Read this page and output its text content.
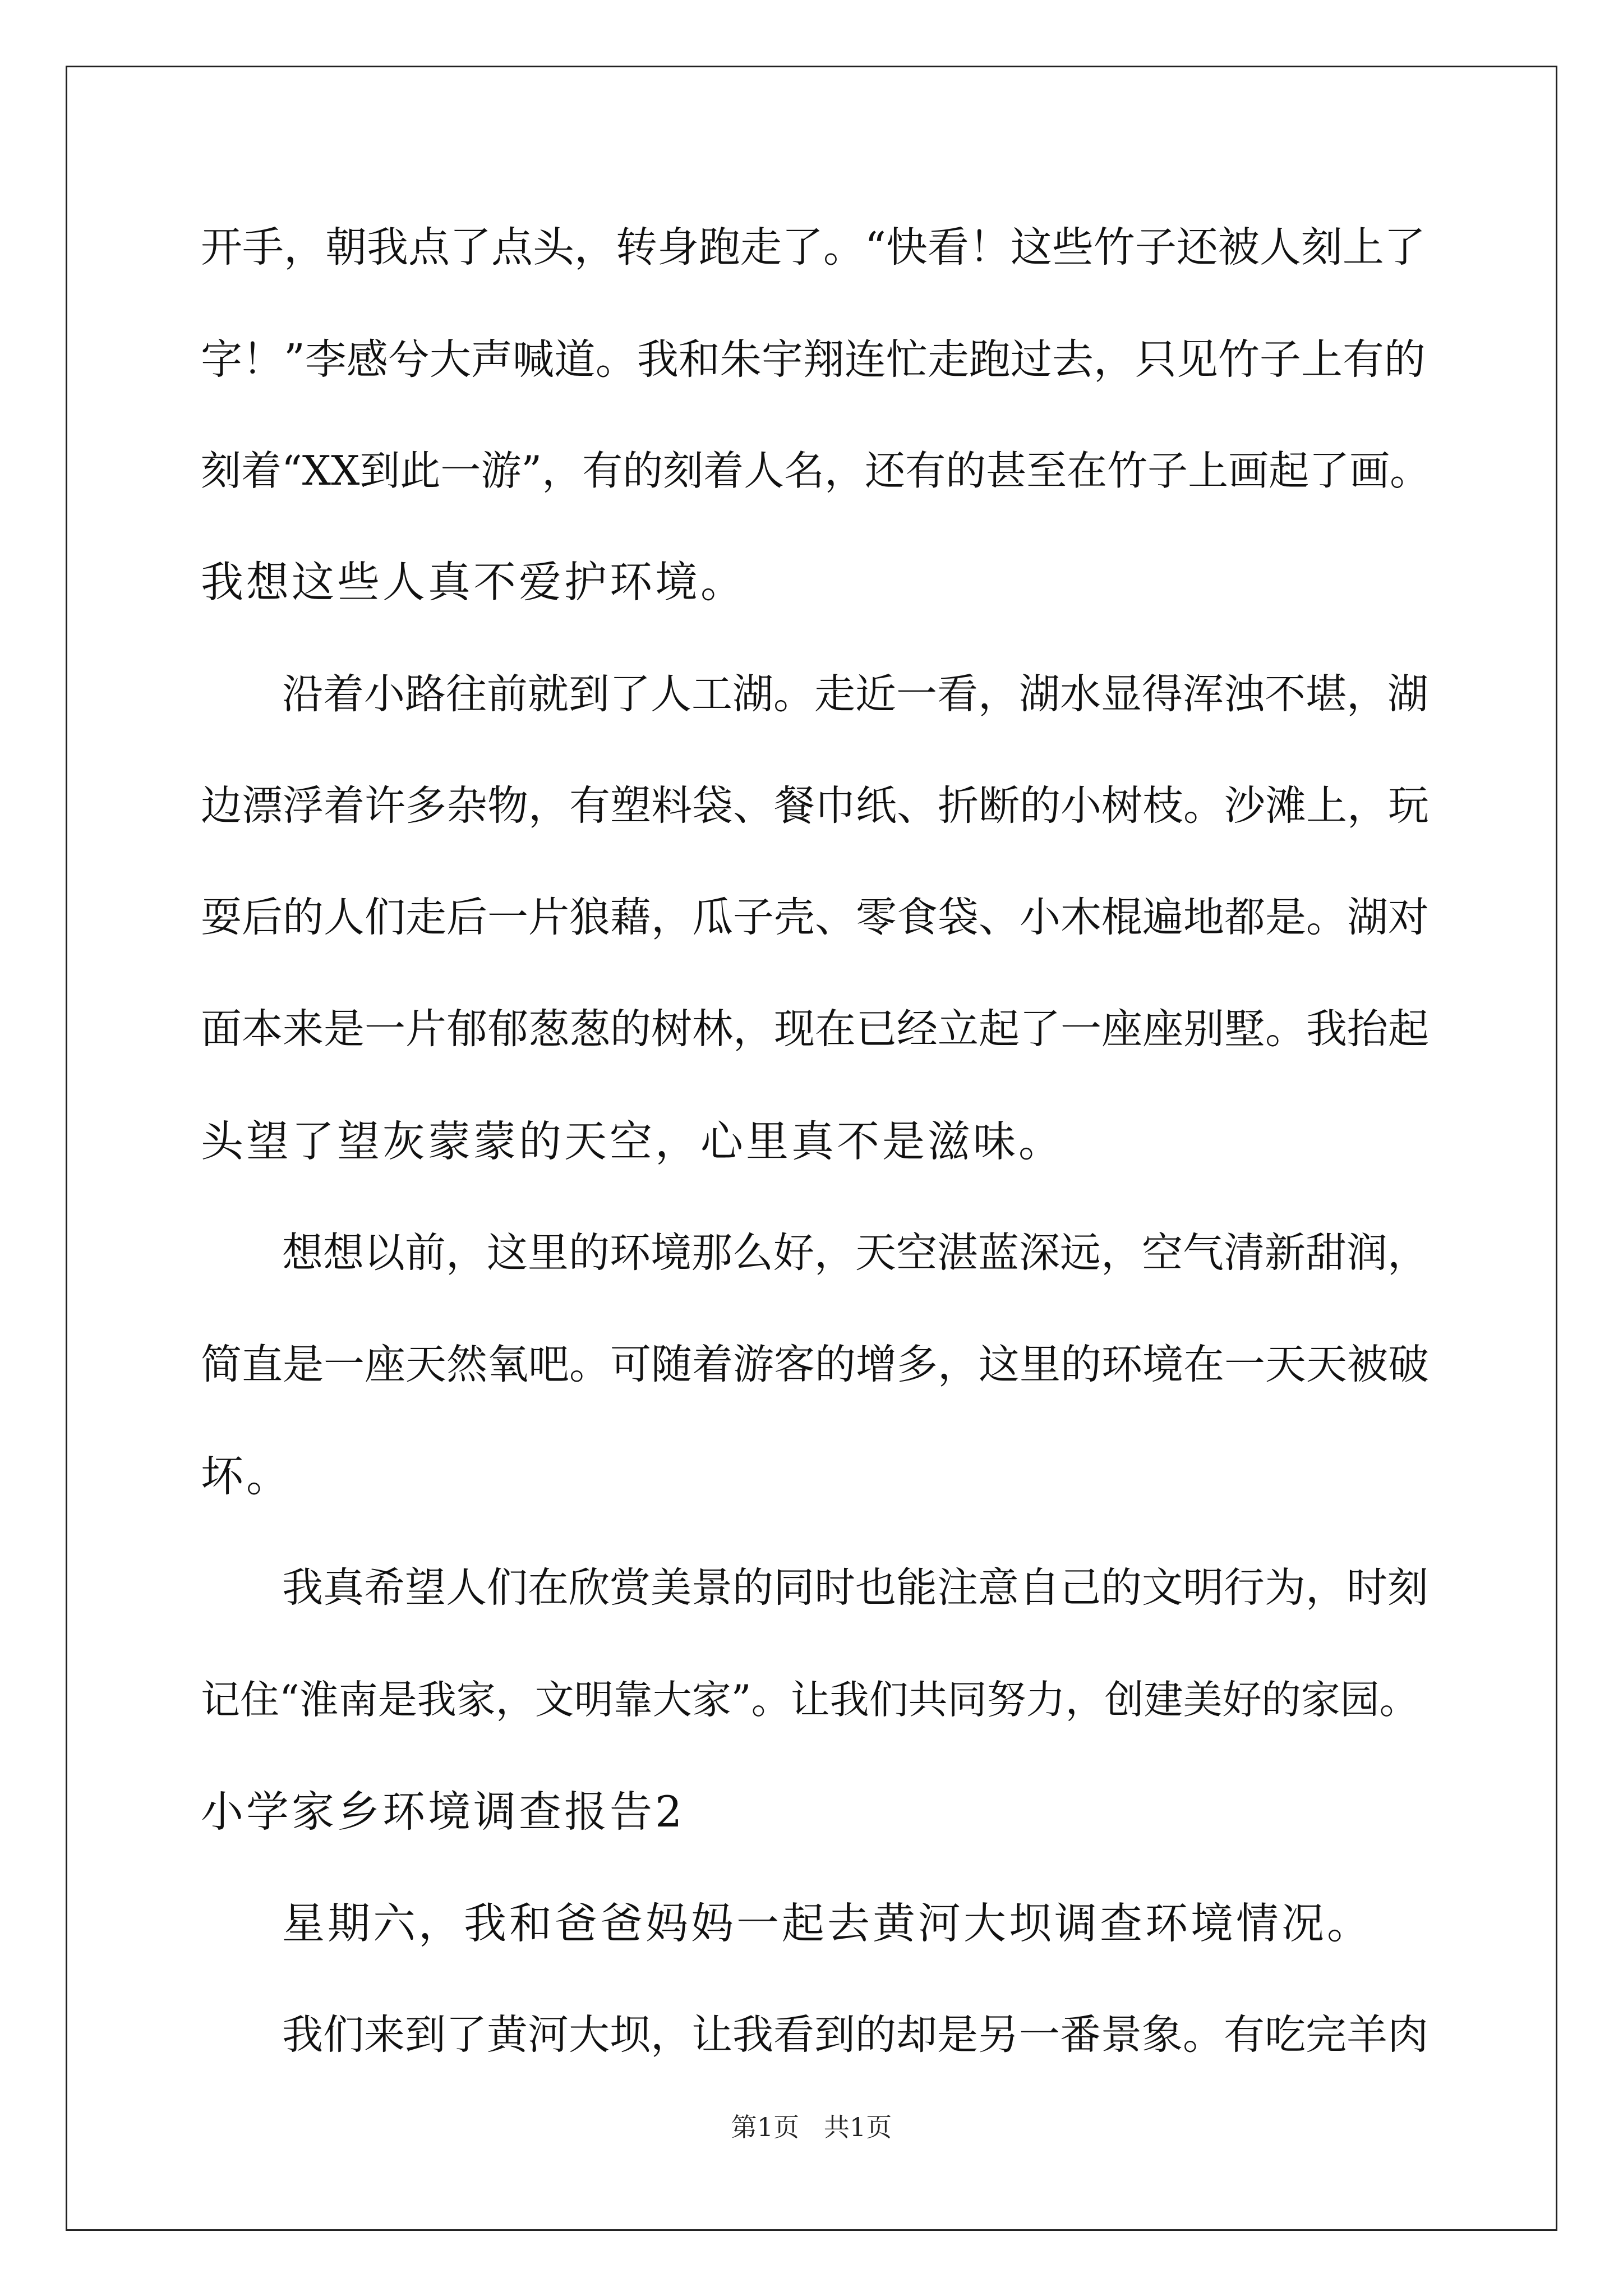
开手，朝我点了点头，转身跑走了。“快看！这些竹子还被人刻上了
字！”李感兮大声喊道。我和朱宇翔连忙走跑过去，只见竹子上有的
刻着“XX到此一游”，有的刻着人名，还有的甚至在竹子上画起了画。
我想这些人真不爱护环境。
沿着小路往前就到了人工湖。走近一看，湖水显得浑浊不堪，湖
边漂浮着许多杂物，有塑料袋、餐巾纸、折断的小树枝。沙滩上，玩
耍后的人们走后一片狼藉，瓜子壳、零食袋、小木棍遍地都是。湖对
面本来是一片郁郁葱葱的树林，现在已经立起了一座座别墅。我抬起
头望了望灰蒙蒙的天空，心里真不是滋味。
想想以前，这里的环境那么好，天空湛蓝深远，空气清新甜润，
简直是一座天然氧吧。可随着游客的增多，这里的环境在一天天被破
坏。
我真希望人们在欣赏美景的同时也能注意自己的文明行为，时刻
记住“淮南是我家，文明靠大家”。让我们共同努力，创建美好的家园。
小学家乡环境调查报告2
星期六，我和爸爸妈妈一起去黄河大坝调查环境情况。
我们来到了黄河大坝，让我看到的却是另一番景象。有吃完羊肉
第1页   共1页
